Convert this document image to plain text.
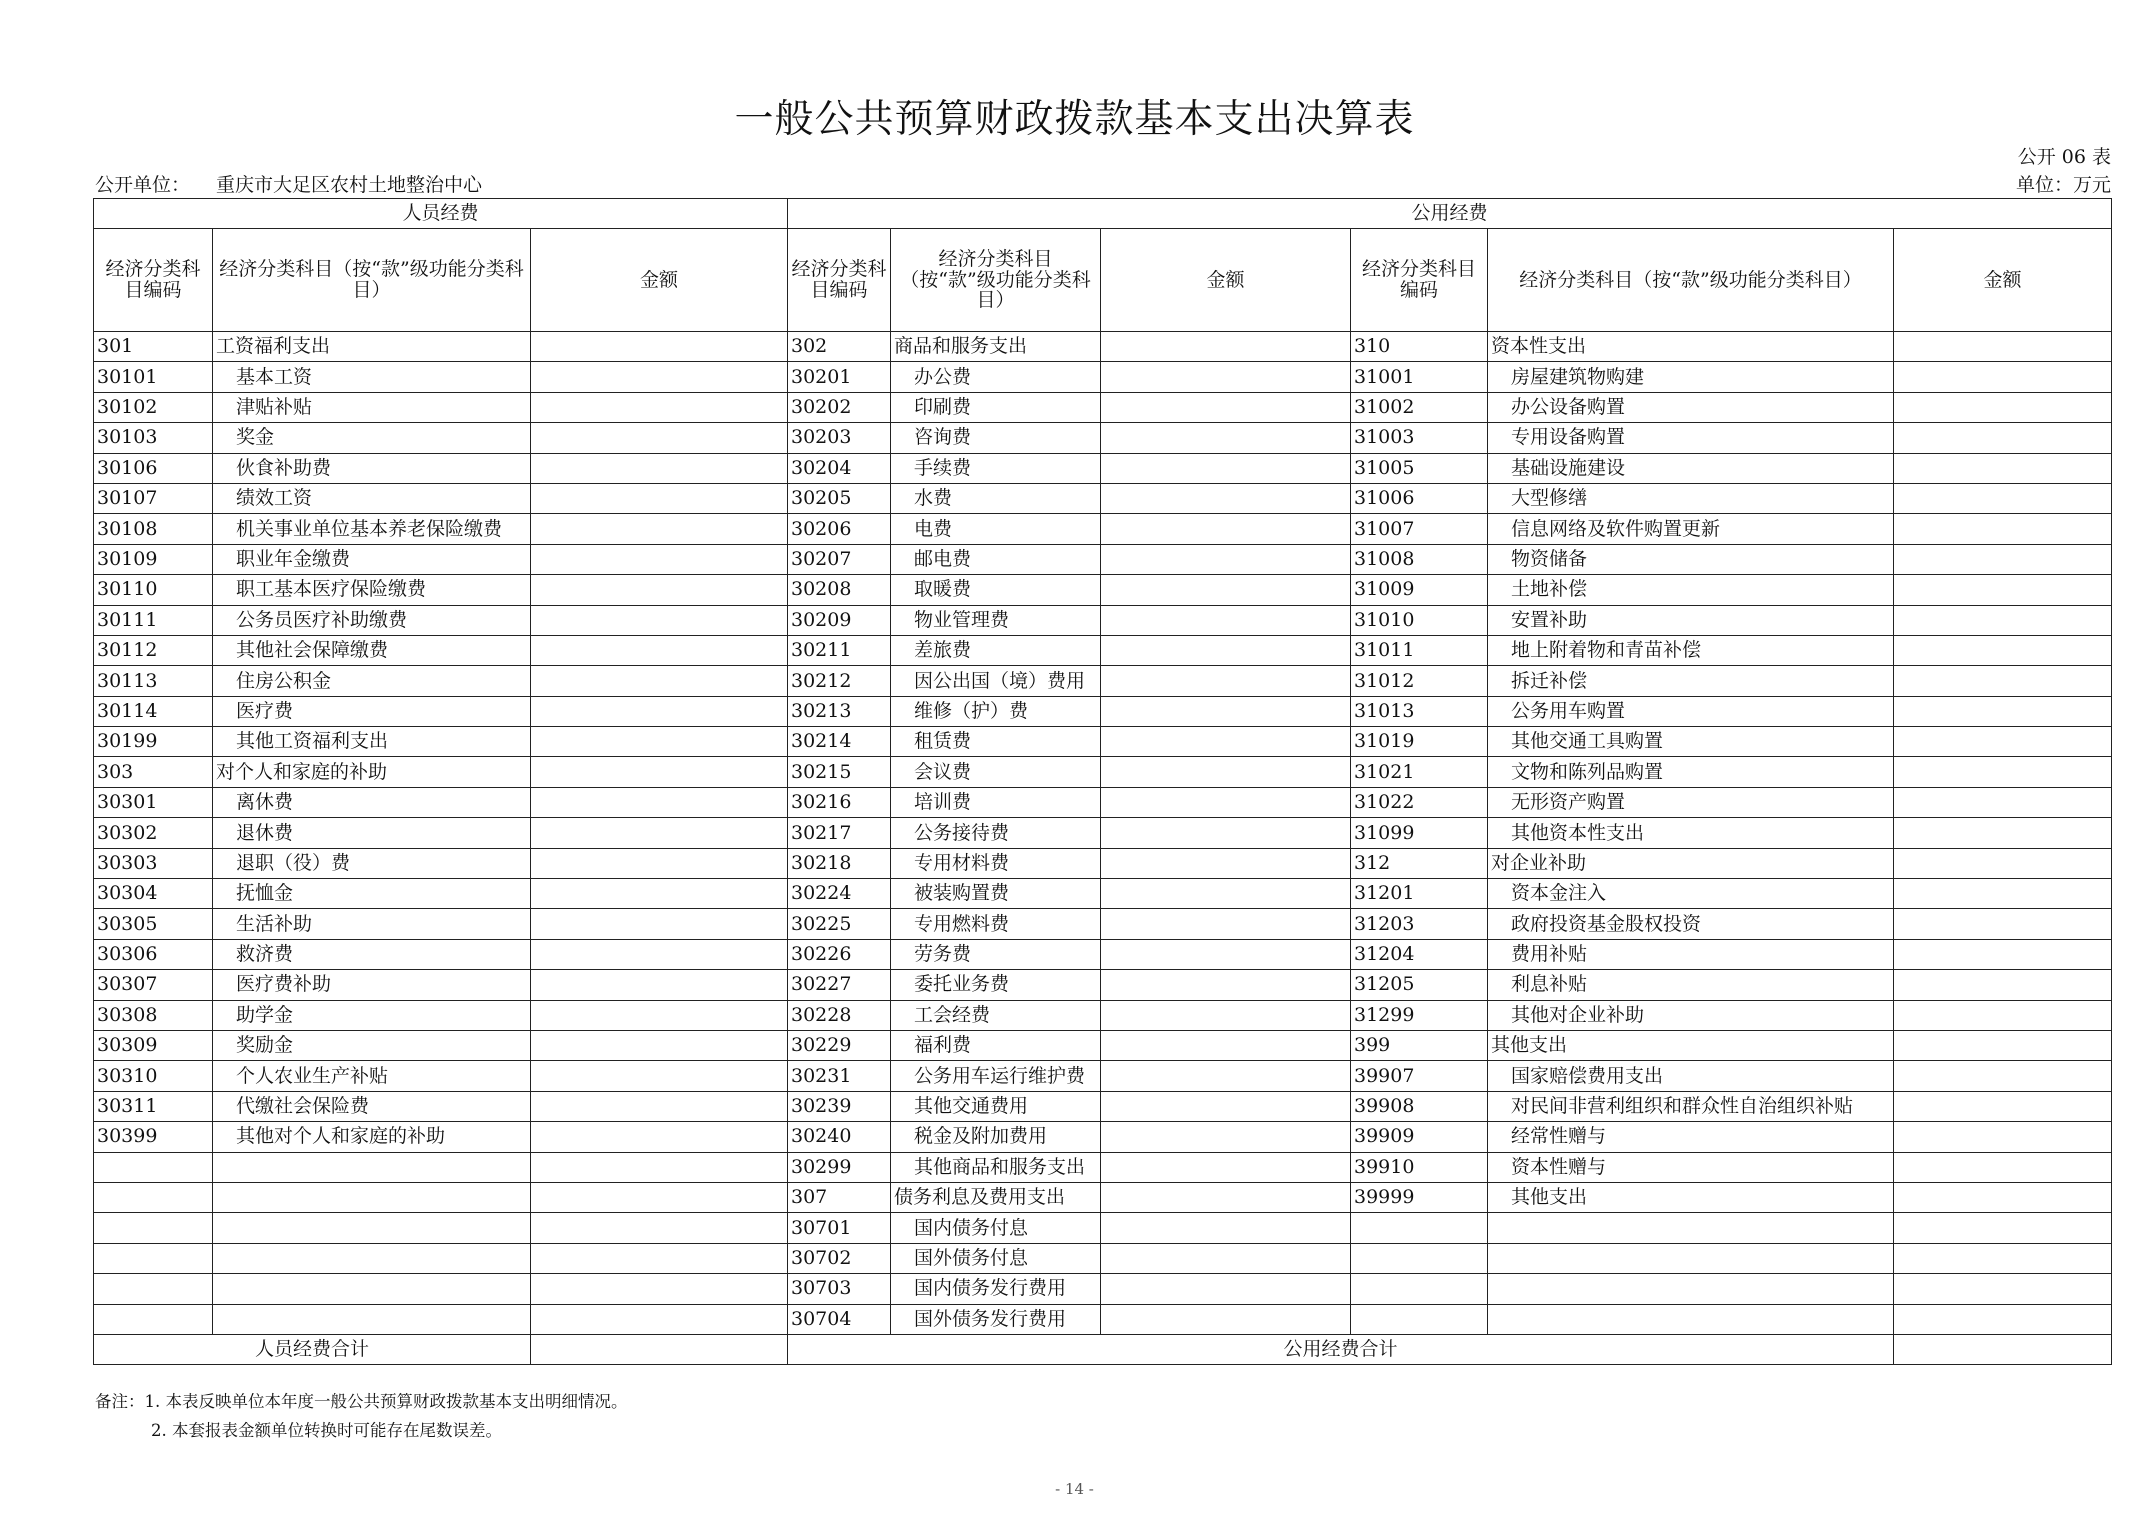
一般公共预算财政拨款基本支出决算表
公开 06 表
公开单位： 重庆市大足区农村土地整治中心	单位：万元
人员经费			公用经费					
经济分类科目编码	经济分类科目（按“款”级功能分类科目）	金额	经济分类科目编码	经济分类科目（按“款”级功能分类科目）	金额	经济分类科目编码	经济分类科目（按“款”级功能分类科目）	金额
301	工资福利支出		302	商品和服务支出		310	资本性支出	
30101	基本工资		30201	办公费		31001	房屋建筑物购建	
30102	津贴补贴		30202	印刷费		31002	办公设备购置	
30103	奖金		30203	咨询费		31003	专用设备购置	
30106	伙食补助费		30204	手续费		31005	基础设施建设	
30107	绩效工资		30205	水费		31006	大型修缮	
30108	机关事业单位基本养老保险缴费		30206	电费		31007	信息网络及软件购置更新	
30109	职业年金缴费		30207	邮电费		31008	物资储备	
30110	职工基本医疗保险缴费		30208	取暖费		31009	土地补偿	
30111	公务员医疗补助缴费		30209	物业管理费		31010	安置补助	
30112	其他社会保障缴费		30211	差旅费		31011	地上附着物和青苗补偿	
30113	住房公积金		30212	因公出国（境）费用		31012	拆迁补偿	
30114	医疗费		30213	维修（护）费		31013	公务用车购置	
30199	其他工资福利支出		30214	租赁费		31019	其他交通工具购置	
303	对个人和家庭的补助		30215	会议费		31021	文物和陈列品购置	
30301	离休费		30216	培训费		31022	无形资产购置	
30302	退休费		30217	公务接待费		31099	其他资本性支出	
30303	退职（役）费		30218	专用材料费		312	对企业补助	
30304	抚恤金		30224	被装购置费		31201	资本金注入	
30305	生活补助		30225	专用燃料费		31203	政府投资基金股权投资	
30306	救济费		30226	劳务费		31204	费用补贴	
30307	医疗费补助		30227	委托业务费		31205	利息补贴	
30308	助学金		30228	工会经费		31299	其他对企业补助	
30309	奖励金		30229	福利费		399	其他支出	
30310	个人农业生产补贴		30231	公务用车运行维护费		39907	国家赔偿费用支出	
30311	代缴社会保险费		30239	其他交通费用		39908	对民间非营利组织和群众性自治组织补贴	
30399	其他对个人和家庭的补助		30240	税金及附加费用		39909	经常性赠与	
			30299	其他商品和服务支出		39910	资本性赠与	
			307	债务利息及费用支出		39999	其他支出	
			30701	国内债务付息				
			30702	国外债务付息				
			30703	国内债务发行费用				
			30704	国外债务发行费用				
人员经费合计			公用经费合计					
备注：1. 本表反映单位本年度一般公共预算财政拨款基本支出明细情况。
2. 本套报表金额单位转换时可能存在尾数误差。
- 14 -
